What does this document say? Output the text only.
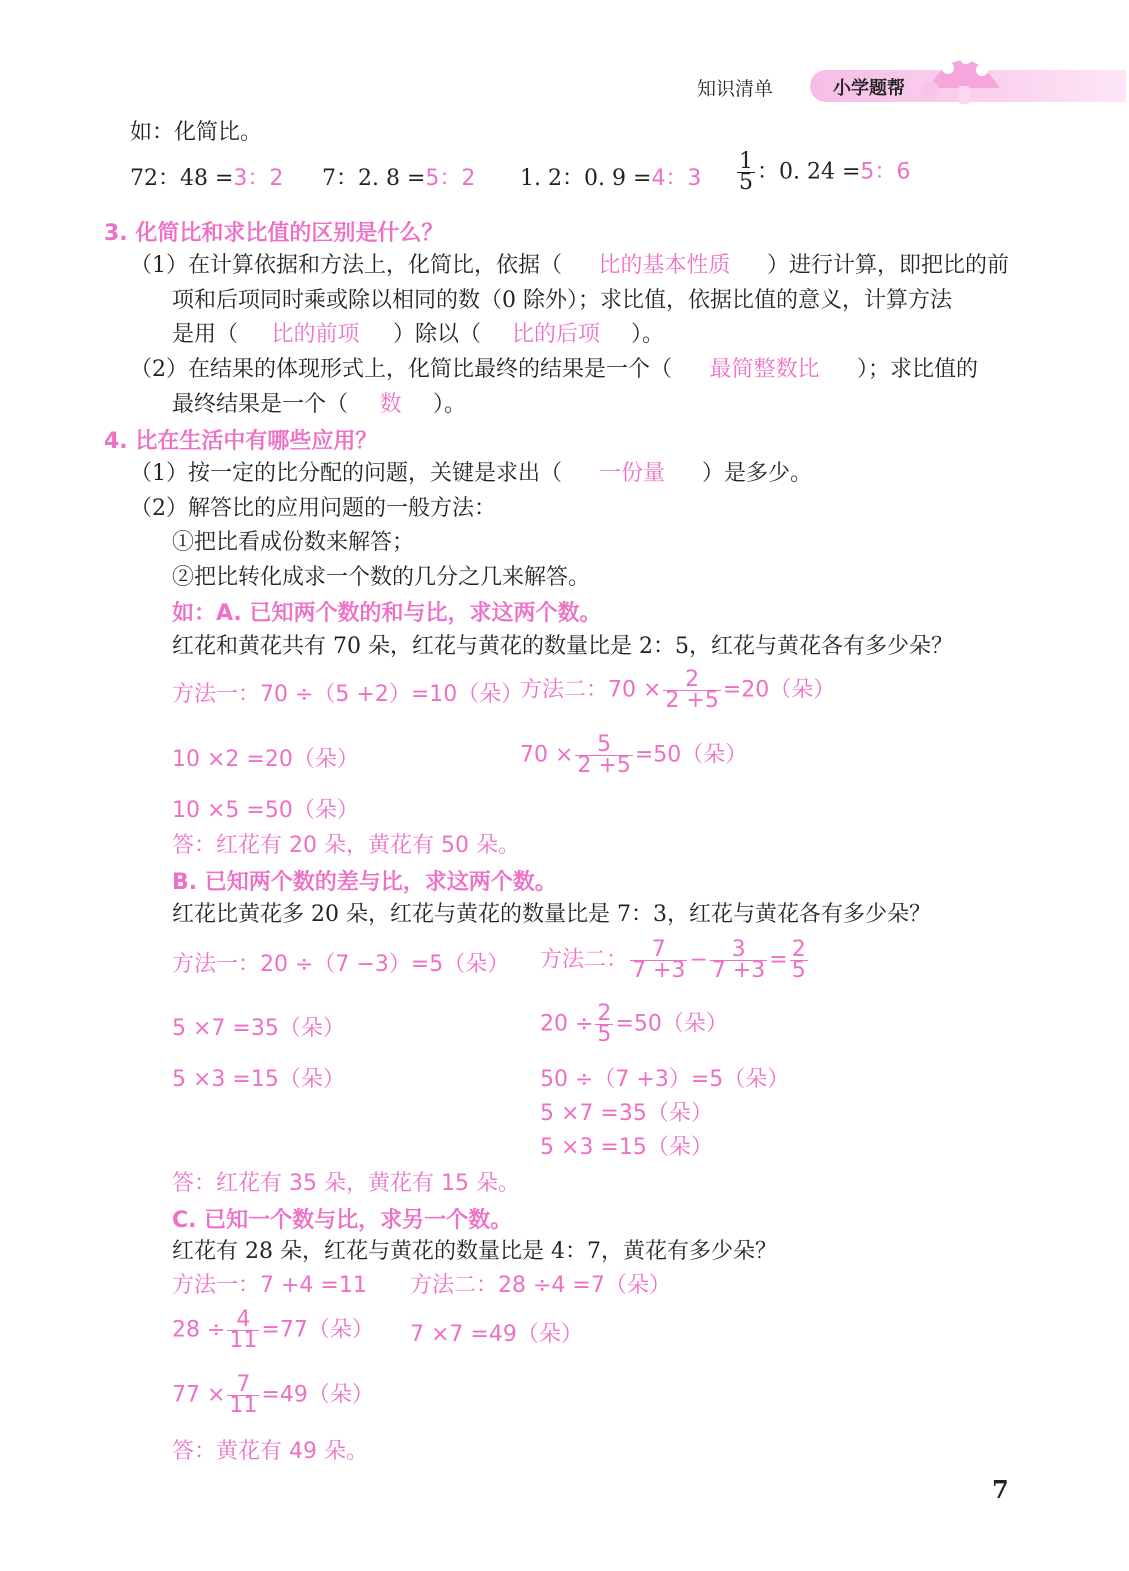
知识清单	小学题帮
如：化简比。
72：48 =3：2 7：2. 8 =5：2 1. 2：0. 9 =4：$3 \frac{1}{5}$ ：0. 24 =5：6
3. 化简比和求比值的区别是什么？
（1）在计算依据和方法上，化简比，依据（ 比的基本性质 ）进行计算，即把比的前
项和后项同时乘或除以相同的数（0 除外）；求比值，依据比值的意义，计算方法
是用（ 比的前项 ）除以（ 比的后项 ）。
（2）在结果的体现形式上，化简比最终的结果是一个（ 最简整数比 ）；求比值的
最终结果是一个（ 数 ）。
4. 比在生活中有哪些应用？
（1）按一定的比分配的问题，关键是求出（ 一份量 ）是多少。
（2）解答比的应用问题的一般方法：
①把比看成份数来解答；
②把比转化成求一个数的几分之几来解答。
如：A. 已知两个数的和与比，求这两个数。
红花和黄花共有 70 朵，红花与黄花的数量比是 2：5，红花与黄花各有多少朵？
方法一：70 ÷（5 +2）=10（朵）
方法二：$70 \times \frac{2}{2 +5} =20$（朵）
10 ×2 =20（朵）	$70 \times \frac{5}{2 +5} =50$（朵）
10 ×5 =50（朵）
答：红花有 20 朵，黄花有 50 朵。
B. 已知两个数的差与比，求这两个数。
红花比黄花多 20 朵，红花与黄花的数量比是 7：3，红花与黄花各有多少朵？
方法一：20 ÷（7 −3）=5（朵） 方法二： $\frac{7}{7 +3} - \frac{3}{7 +3} = \frac{2}{5}$
5 ×7 =35（朵）	$20 \div \frac{2}{5} =50$（朵）
5 ×3 =15（朵）	50 ÷（7 +3）=5（朵）
5 ×7 =35（朵）
5 ×3 =15（朵）
答：红花有 35 朵，黄花有 15 朵。
C. 已知一个数与比，求另一个数。
红花有 28 朵，红花与黄花的数量比是 4：7，黄花有多少朵？
方法一：7 +4 =11 方法二：28 ÷4 =7（朵）
$28 \div \frac{4}{11} =77$（朵） 7 ×7 =49（朵）
$77 \times \frac{7}{11} =49$（朵）
答：黄花有 49 朵。
7
